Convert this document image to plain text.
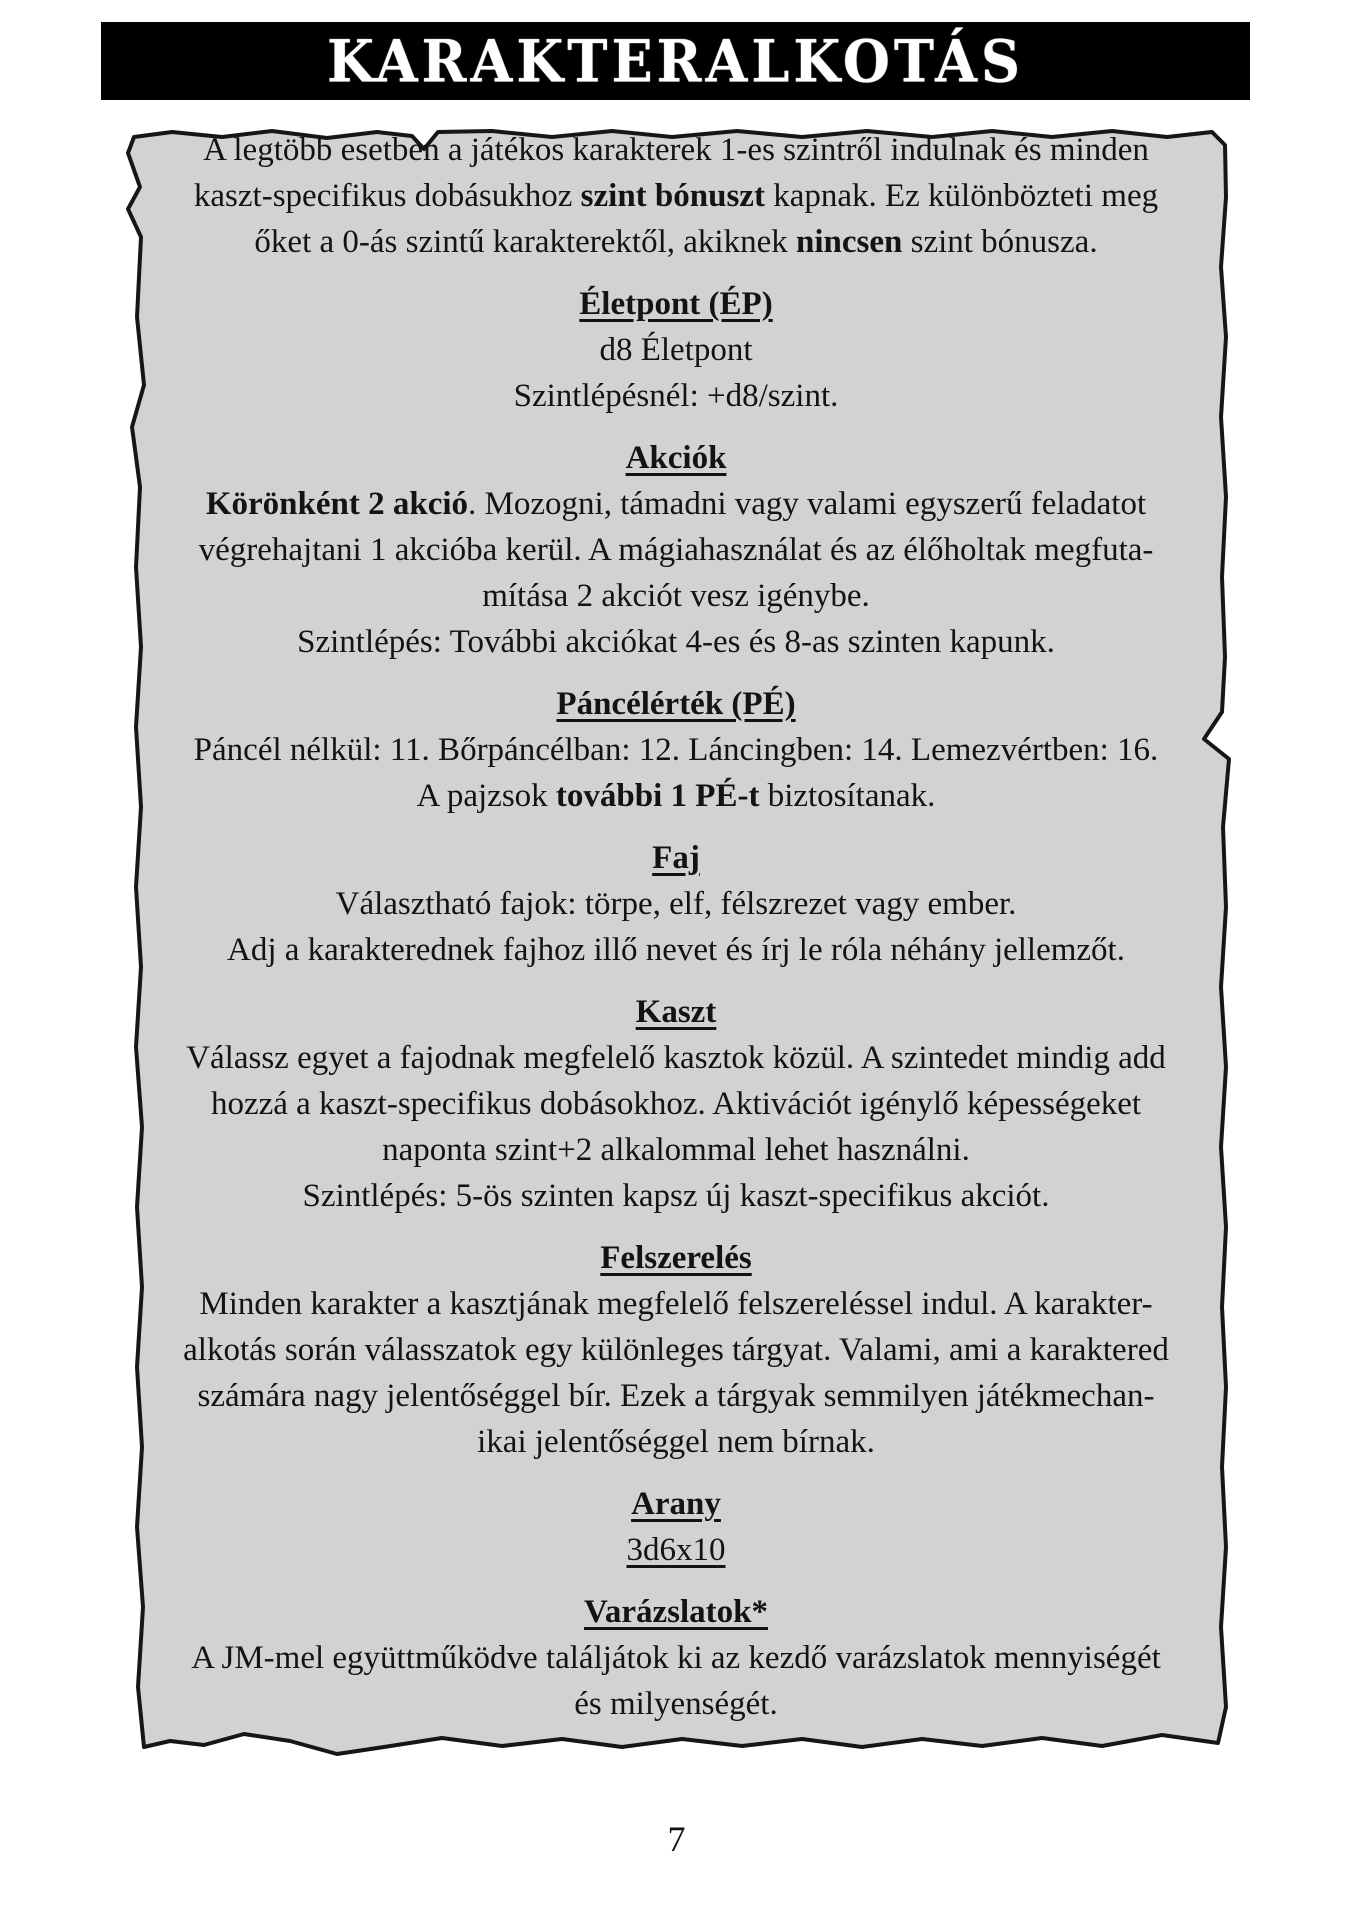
KARAKTERALKOTÁS

A legtöbb esetben a játékos karakterek 1-es szintről indulnak és minden
kaszt-specifikus dobásukhoz szint bónuszt kapnak. Ez különbözteti meg
őket a 0-ás szintű karakterektől, akiknek nincsen szint bónusza.

Életpont (ÉP)

d8 Életpont
Szintlépésnél: +d8/szint.

Akciók

Körönként 2 akció. Mozogni, támadni vagy valami egyszerű feladatot
végrehajtani 1 akcióba kerül. A mágiahasználat és az élőholtak megfuta-
mítása 2 akciót vesz igénybe.
Szintlépés: További akciókat 4-es és 8-as szinten kapunk.

Páncélérték (PÉ)

Páncél nélkül: 11. Bőrpáncélban: 12. Láncingben: 14. Lemezvértben: 16.
A pajzsok további 1 PÉ-t biztosítanak.

Faj

Választható fajok: törpe, elf, félszrezet vagy ember.
Adj a karakterednek fajhoz illő nevet és írj le róla néhány jellemzőt.

Kaszt

Válassz egyet a fajodnak megfelelő kasztok közül. A szintedet mindig add
hozzá a kaszt-specifikus dobásokhoz. Aktivációt igénylő képességeket
naponta szint+2 alkalommal lehet használni.
Szintlépés: 5-ös szinten kapsz új kaszt-specifikus akciót.

Felszerelés

Minden karakter a kasztjának megfelelő felszereléssel indul. A karakter-
alkotás során válasszatok egy különleges tárgyat. Valami, ami a karaktered
számára nagy jelentőséggel bír. Ezek a tárgyak semmilyen játékmechan-
ikai jelentőséggel nem bírnak.

Arany

3d6x10

Varázslatok*

A JM-mel együttműködve találjátok ki az kezdő varázslatok mennyiségét
és milyenségét.

7
